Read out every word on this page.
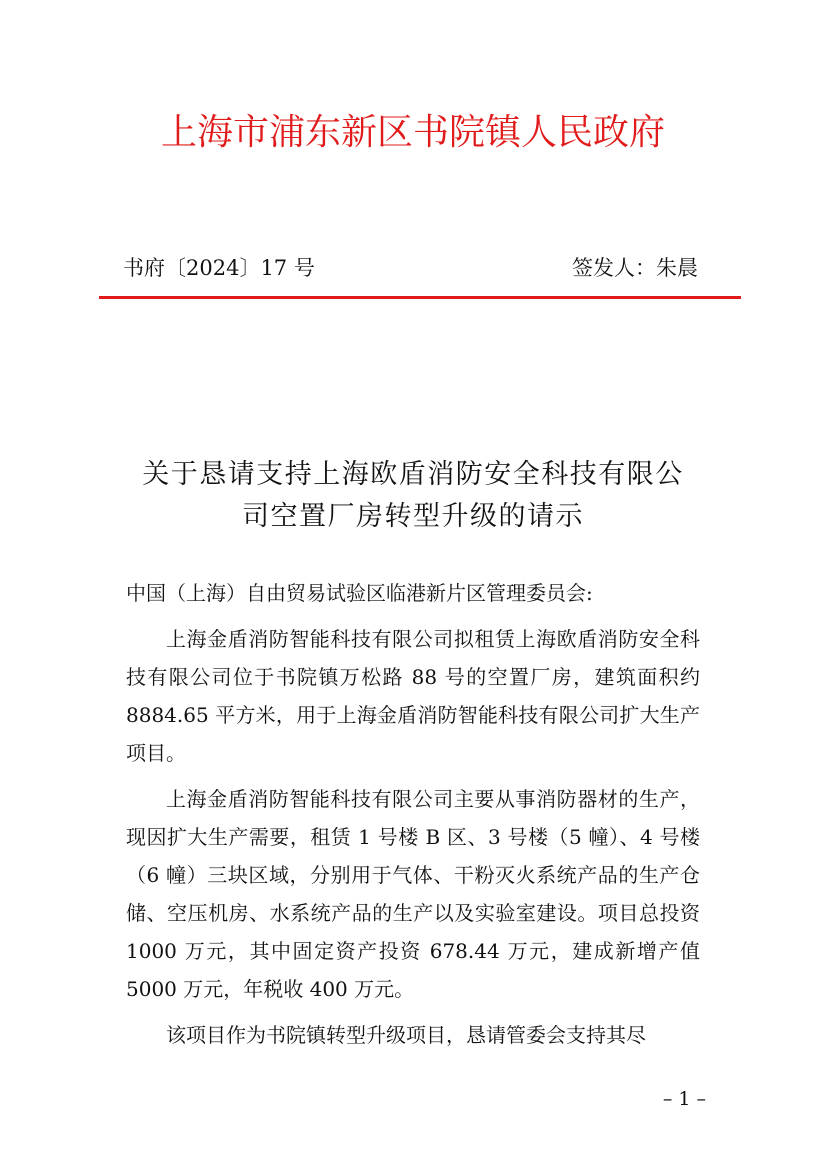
上海市浦东新区书院镇人民政府
书府〔2024〕17 号	签发人：朱晨
关于恳请支持上海欧盾消防安全科技有限公
司空置厂房转型升级的请示

中国（上海）自由贸易试验区临港新片区管理委员会:

上海金盾消防智能科技有限公司拟租赁上海欧盾消防安全科技有限公司位于书院镇万松路 88 号的空置厂房，建筑面积约 8884.65 平方米，用于上海金盾消防智能科技有限公司扩大生产项目。

上海金盾消防智能科技有限公司主要从事消防器材的生产，现因扩大生产需要，租赁 1 号楼 B 区、3 号楼（5 幢）、4 号楼（6 幢）三块区域，分别用于气体、干粉灭火系统产品的生产仓储、空压机房、水系统产品的生产以及实验室建设。项目总投资 1000 万元，其中固定资产投资 678.44 万元，建成新增产值 5000 万元，年税收 400 万元。

该项目作为书院镇转型升级项目，恳请管委会支持其尽

– 1 –
